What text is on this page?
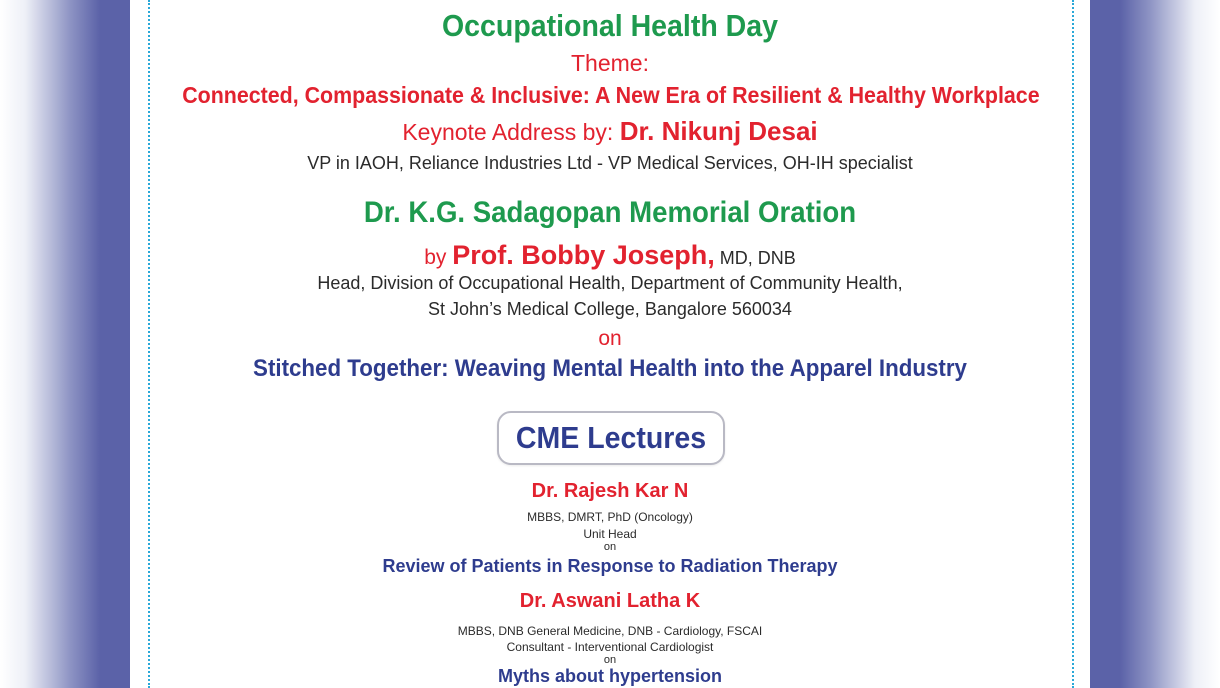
Occupational Health Day
Theme:
Connected, Compassionate & Inclusive: A New Era of Resilient & Healthy Workplace
Keynote Address by: Dr. Nikunj Desai
VP in IAOH, Reliance Industries Ltd - VP Medical Services, OH-IH specialist
Dr. K.G. Sadagopan Memorial Oration
by Prof. Bobby Joseph, MD, DNB
Head, Division of Occupational Health, Department of Community Health,
St John’s Medical College, Bangalore 560034
on
Stitched Together: Weaving Mental Health into the Apparel Industry
CME Lectures
Dr. Rajesh Kar N
MBBS, DMRT, PhD (Oncology)
Unit Head
on
Review of Patients in Response to Radiation Therapy
Dr. Aswani Latha K
MBBS, DNB General Medicine, DNB - Cardiology, FSCAI
Consultant - Interventional Cardiologist
on
Myths about hypertension
